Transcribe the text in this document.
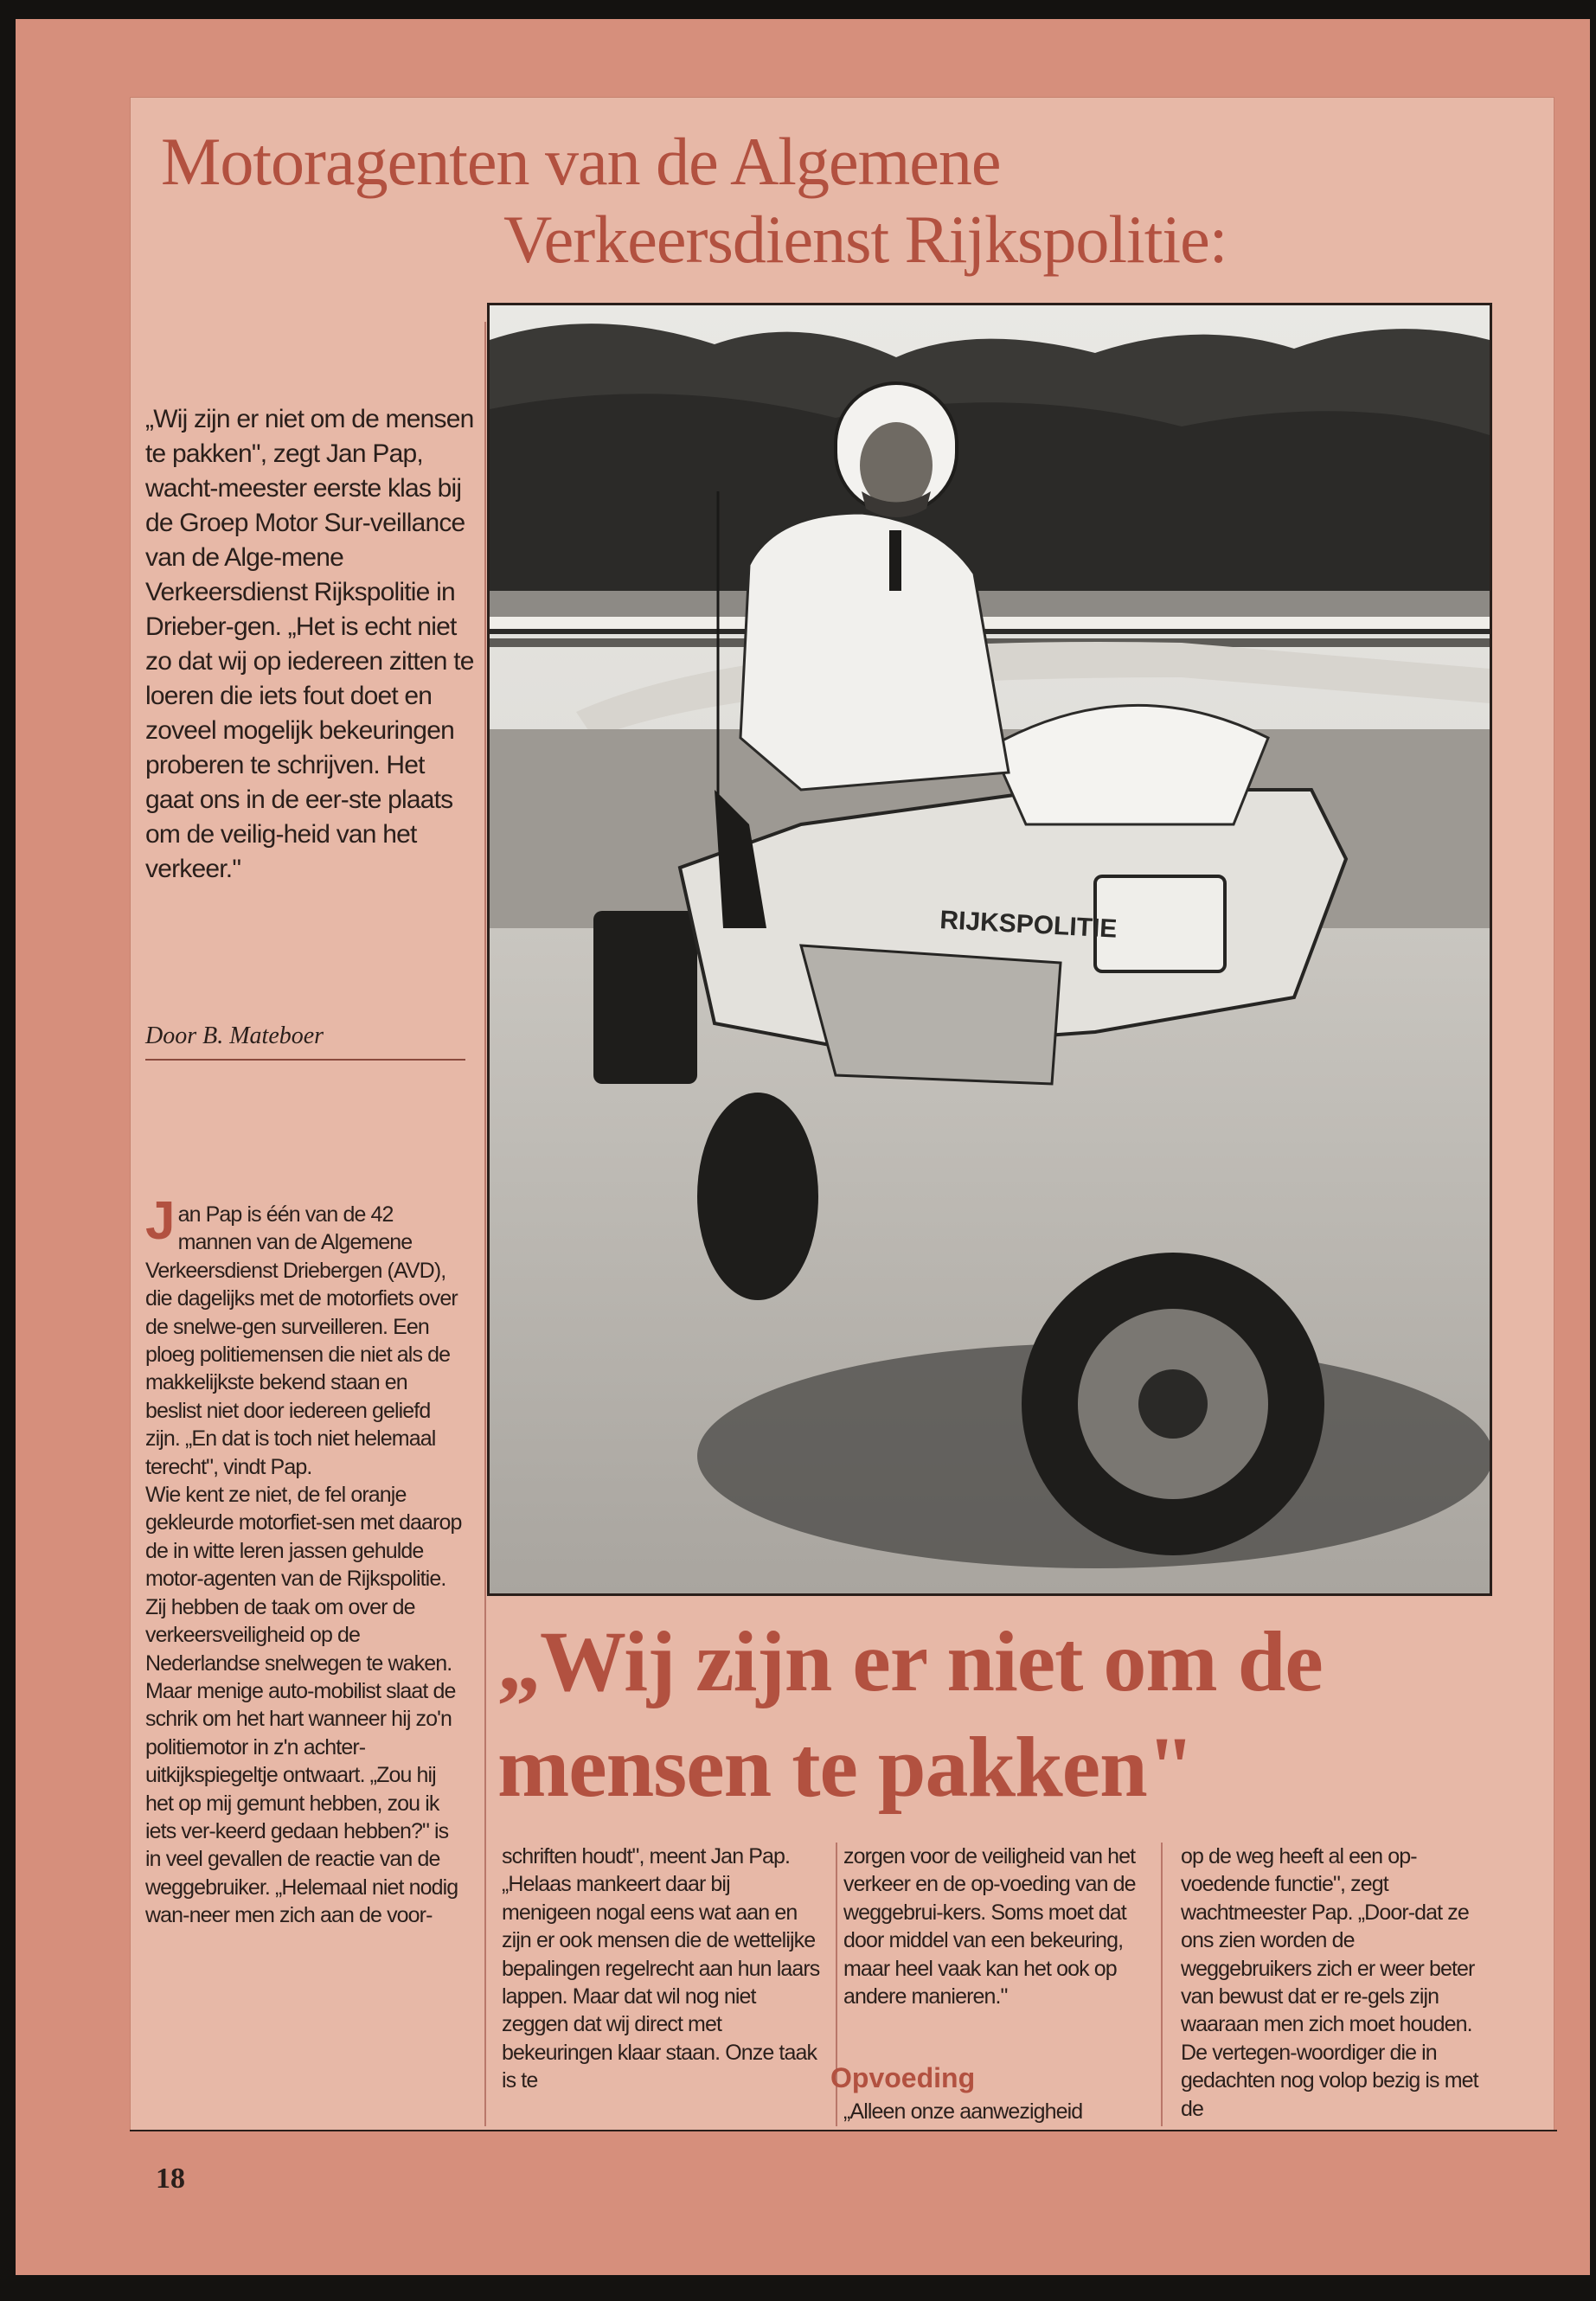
Motoragenten van de Algemene
Verkeersdienst Rijkspolitie:
„Wij zijn er niet om de mensen te pakken", zegt Jan Pap, wacht-meester eerste klas bij de Groep Motor Sur-veillance van de Alge-mene Verkeersdienst Rijkspolitie in Drieber-gen. „Het is echt niet zo dat wij op iedereen zitten te loeren die iets fout doet en zoveel mogelijk bekeuringen proberen te schrijven. Het gaat ons in de eer-ste plaats om de veilig-heid van het verkeer."
Door B. Mateboer
RIJKSPOLITIE
„Wij zijn er niet om de mensen te pakken"

Jan Pap is één van de 42 mannen van de Algemene Verkeersdienst Driebergen (AVD), die dagelijks met de motorfiets over de snelwe-gen surveilleren. Een ploeg politiemensen die niet als de makkelijkste bekend staan en beslist niet door iedereen geliefd zijn. „En dat is toch niet helemaal terecht", vindt Pap.

Wie kent ze niet, de fel oranje gekleurde motorfiet-sen met daarop de in witte leren jassen gehulde motor-agenten van de Rijkspolitie. Zij hebben de taak om over de verkeersveiligheid op de Nederlandse snelwegen te waken. Maar menige auto-mobilist slaat de schrik om het hart wanneer hij zo'n politiemotor in z'n achter-uitkijkspiegeltje ontwaart. „Zou hij het op mij gemunt hebben, zou ik iets ver-keerd gedaan hebben?" is in veel gevallen de reactie van de weggebruiker. „Helemaal niet nodig wan-neer men zich aan de voor-

schriften houdt", meent Jan Pap. „Helaas mankeert daar bij menigeen nogal eens wat aan en zijn er ook mensen die de wettelijke bepalingen regelrecht aan hun laars lappen. Maar dat wil nog niet zeggen dat wij direct met bekeuringen klaar staan. Onze taak is te

zorgen voor de veiligheid van het verkeer en de op-voeding van de weggebrui-kers. Soms moet dat door middel van een bekeuring, maar heel vaak kan het ook op andere manieren."

Opvoeding
„Alleen onze aanwezigheid
op de weg heeft al een op-voedende functie", zegt wachtmeester Pap. „Door-dat ze ons zien worden de weggebruikers zich er weer beter van bewust dat er re-gels zijn waaraan men zich moet houden. De vertegen-woordiger die in gedachten nog volop bezig is met de
18
